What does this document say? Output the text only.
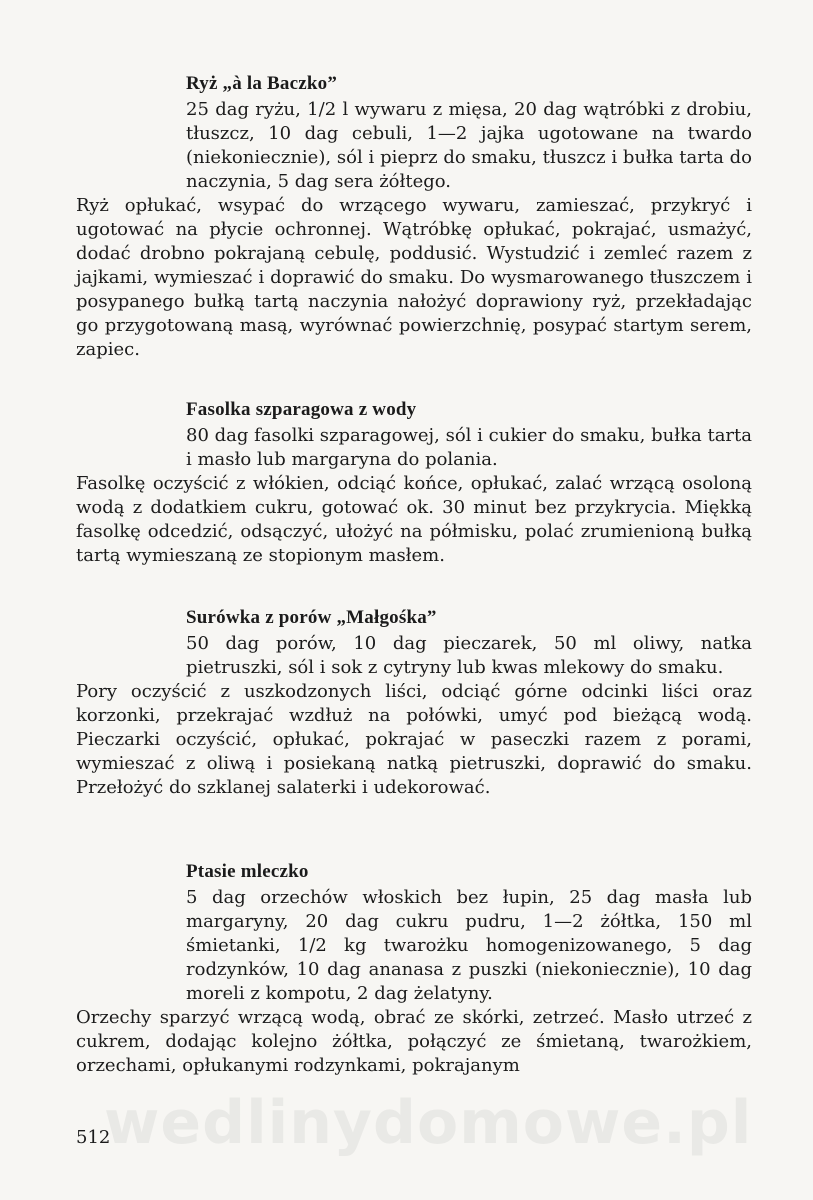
wedlinydomowe.pl
Ryż „à la Baczko”

25 dag ryżu, 1/2 l wywaru z mięsa, 20 dag wątróbki z drobiu, tłuszcz, 10 dag cebuli, 1—2 jajka ugotowane na twardo (niekoniecznie), sól i pieprz do smaku, tłuszcz i bułka tarta do naczynia, 5 dag sera żółtego.

Ryż opłukać, wsypać do wrzącego wywaru, zamieszać, przykryć i ugotować na płycie ochronnej. Wątróbkę opłukać, pokrajać, usmażyć, dodać drobno pokrajaną cebulę, poddusić. Wystudzić i zemleć razem z jajkami, wymieszać i doprawić do smaku. Do wysmarowanego tłuszczem i posypanego bułką tartą naczynia nałożyć doprawiony ryż, przekładając go przygotowaną masą, wyrównać powierzchnię, posypać startym serem, zapiec.

Fasolka szparagowa z wody

80 dag fasolki szparagowej, sól i cukier do smaku, bułka tarta i masło lub margaryna do polania.

Fasolkę oczyścić z włókien, odciąć końce, opłukać, zalać wrzącą osoloną wodą z dodatkiem cukru, gotować ok. 30 minut bez przykrycia. Miękką fasolkę odcedzić, odsączyć, ułożyć na półmisku, polać zrumienioną bułką tartą wymieszaną ze stopionym masłem.

Surówka z porów „Małgośka”

50 dag porów, 10 dag pieczarek, 50 ml oliwy, natka pietruszki, sól i sok z cytryny lub kwas mlekowy do smaku.

Pory oczyścić z uszkodzonych liści, odciąć górne odcinki liści oraz korzonki, przekrajać wzdłuż na połówki, umyć pod bieżącą wodą. Pieczarki oczyścić, opłukać, pokrajać w paseczki razem z porami, wymieszać z oliwą i posiekaną natką pietruszki, doprawić do smaku. Przełożyć do szklanej salaterki i udekorować.

Ptasie mleczko

5 dag orzechów włoskich bez łupin, 25 dag masła lub margaryny, 20 dag cukru pudru, 1—2 żółtka, 150 ml śmietanki, 1/2 kg twarożku homogenizowanego, 5 dag rodzynków, 10 dag ananasa z puszki (niekoniecznie), 10 dag moreli z kompotu, 2 dag żelatyny.

Orzechy sparzyć wrzącą wodą, obrać ze skórki, zetrzeć. Masło utrzeć z cukrem, dodając kolejno żółtka, połączyć ze śmietaną, twarożkiem, orzechami, opłukanymi rodzynkami, pokrajanym

512
